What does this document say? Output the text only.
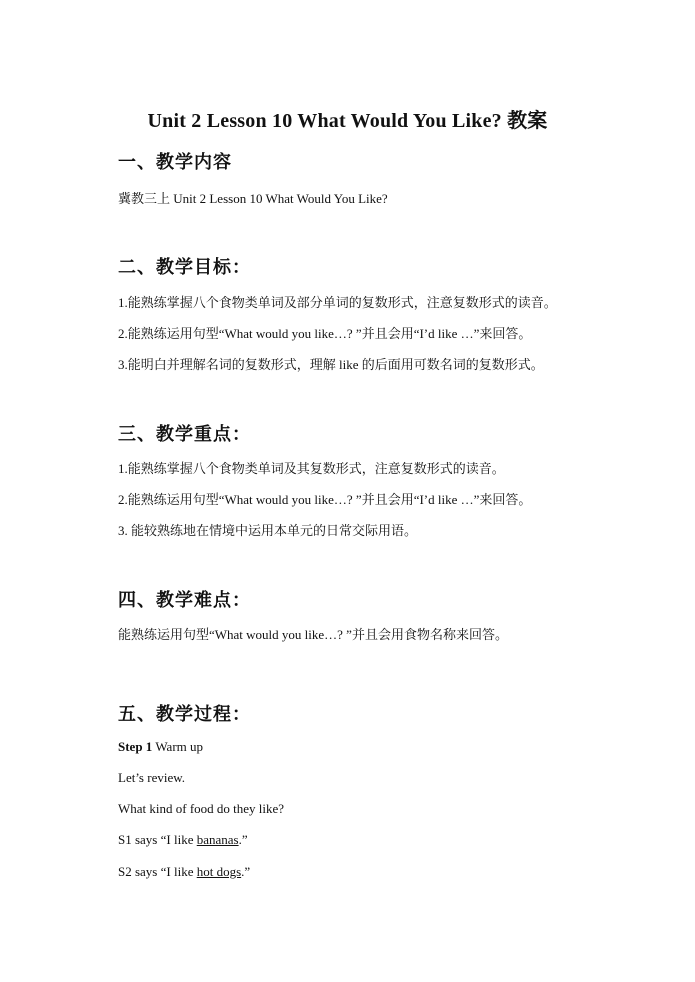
Unit 2 Lesson 10 What Would You Like? 教案
一、教学内容
冀教三上 Unit 2 Lesson 10 What Would You Like?
二、教学目标：
1.能熟练掌握八个食物类单词及部分单词的复数形式，注意复数形式的读音。
2.能熟练运用句型“What would you like…? ”并且会用“I’d like …”来回答。
3.能明白并理解名词的复数形式，理解 like 的后面用可数名词的复数形式。
三、教学重点：
1.能熟练掌握八个食物类单词及其复数形式，注意复数形式的读音。
2.能熟练运用句型“What would you like…? ”并且会用“I’d like …”来回答。
3. 能较熟练地在情境中运用本单元的日常交际用语。
四、教学难点：
能熟练运用句型“What would you like…? ”并且会用食物名称来回答。
五、教学过程：
Step 1 Warm up
Let’s review.
What kind of food do they like?
S1 says “I like bananas.”
S2 says “I like hot dogs.”
